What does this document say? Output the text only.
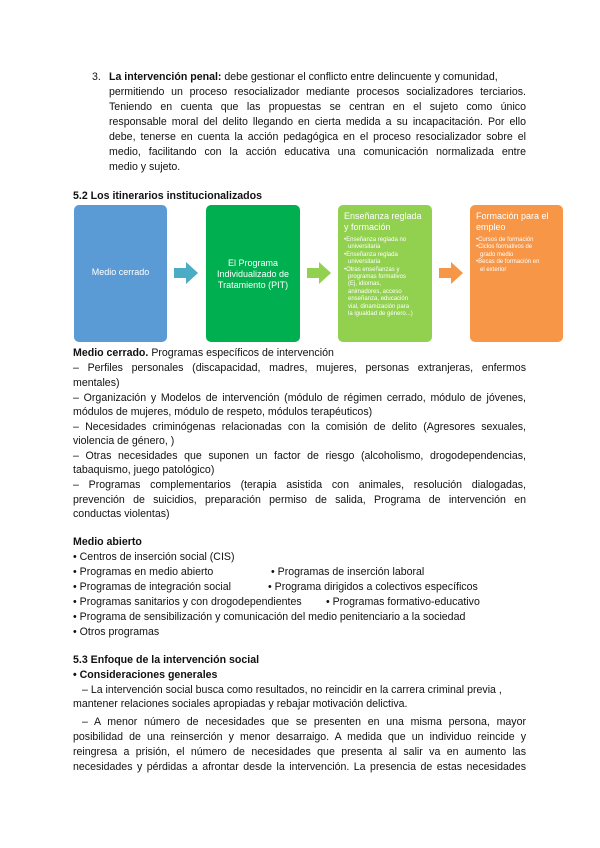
3. La intervención penal: debe gestionar el conflicto entre delincuente y comunidad,
permitiendo un proceso resocializador mediante procesos socializadores terciarios.
Teniendo en cuenta que las propuestas se centran en el sujeto como único
responsable moral del delito llegando en cierta medida a su incapacitación. Por ello
debe, tenerse en cuenta la acción pedagógica en el proceso resocializador sobre el
medio, facilitando con la acción educativa una comunicación normalizada entre
medio y sujeto.
5.2 Los itinerarios institucionalizados
Medio cerrado
El Programa
Individualizado de
Tratamiento (PIT)
Enseñanza reglada
y formación
•Enseñanza reglada no
universitaria
•Enseñanza reglada
universitaria
•Otras enseñanzas y
programas formativos
(Ej, idiomas,
animadores, acceso
enseñanza, educación
vial, dinamización para
la igualdad de género...)
Formación para el
empleo
•Cursos de formación
•Ciclos formativos de
grado medio
•Becas de formación en
el exterior
Medio cerrado. Programas específicos de intervención
– Perfiles personales (discapacidad, madres, mujeres, personas extranjeras, enfermos
mentales)
– Organización y Modelos de intervención (módulo de régimen cerrado, módulo de jóvenes,
módulos de mujeres, módulo de respeto, módulos terapéuticos)
– Necesidades criminógenas relacionadas con la comisión de delito (Agresores sexuales,
violencia de género, )
– Otras necesidades que suponen un factor de riesgo (alcoholismo, drogodependencias,
tabaquismo, juego patológico)
– Programas complementarios (terapia asistida con animales, resolución dialogadas,
prevención de suicidios, preparación permiso de salida, Programa de intervención en
conductas violentas)
Medio abierto
• Centros de inserción social (CIS)
• Programas en medio abierto	• Programas de inserción laboral
• Programas de integración social	• Programa dirigidos a colectivos específicos
• Programas sanitarios y con drogodependientes • Programas formativo-educativo
• Programa de sensibilización y comunicación del medio penitenciario a la sociedad
• Otros programas
5.3 Enfoque de la intervención social
• Consideraciones generales
– La intervención social busca como resultados, no reincidir en la carrera criminal previa ,
mantener relaciones sociales apropiadas y rebajar motivación delictiva.
– A menor número de necesidades que se presenten en una misma persona, mayor
posibilidad de una reinserción y menor desarraigo. A medida que un individuo reincide y
reingresa a prisión, el número de necesidades que presenta al salir va en aumento las
necesidades y pérdidas a afrontar desde la intervención. La presencia de estas necesidades
